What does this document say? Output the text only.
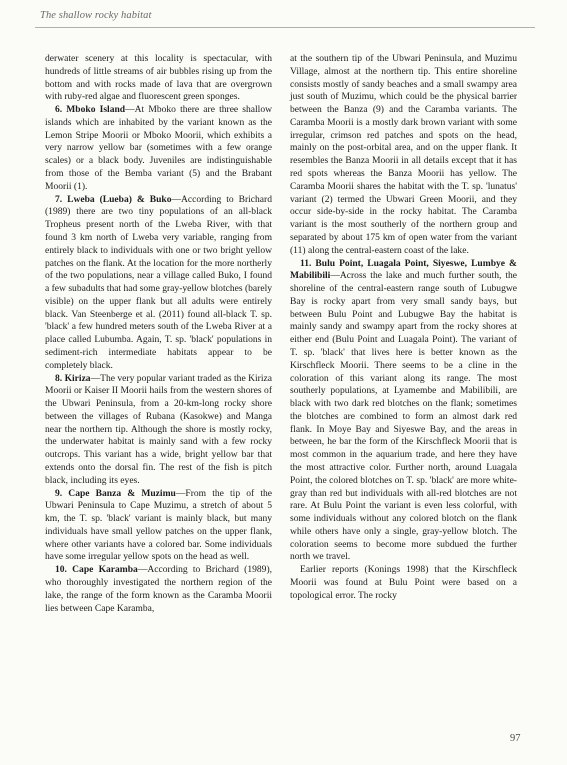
The shallow rocky habitat

derwater scenery at this locality is spectacular, with hundreds of little streams of air bubbles rising up from the bottom and with rocks made of lava that are overgrown with ruby-red algae and fluorescent green sponges.

6. Mboko Island—At Mboko there are three shallow islands which are inhabited by the variant known as the Lemon Stripe Moorii or Mboko Moorii, which exhibits a very narrow yellow bar (sometimes with a few orange scales) or a black body. Juveniles are indistinguishable from those of the Bemba variant (5) and the Brabant Moorii (1).

7. Lweba (Lueba) & Buko—According to Brichard (1989) there are two tiny populations of an all-black Tropheus present north of the Lweba River, with that found 3 km north of Lweba very variable, ranging from entirely black to individuals with one or two bright yellow patches on the flank. At the location for the more northerly of the two populations, near a village called Buko, I found a few subadults that had some gray-yellow blotches (barely visible) on the upper flank but all adults were entirely black. Van Steenberge et al. (2011) found all-black T. sp. 'black' a few hundred meters south of the Lweba River at a place called Lubumba. Again, T. sp. 'black' populations in sediment-rich intermediate habitats appear to be completely black.

8. Kiriza—The very popular variant traded as the Kiriza Moorii or Kaiser II Moorii hails from the western shores of the Ubwari Peninsula, from a 20-km-long rocky shore between the villages of Rubana (Kasokwe) and Manga near the northern tip. Although the shore is mostly rocky, the underwater habitat is mainly sand with a few rocky outcrops. This variant has a wide, bright yellow bar that extends onto the dorsal fin. The rest of the fish is pitch black, including its eyes.

9. Cape Banza & Muzimu—From the tip of the Ubwari Peninsula to Cape Muzimu, a stretch of about 5 km, the T. sp. 'black' variant is mainly black, but many individuals have small yellow patches on the upper flank, where other variants have a colored bar. Some individuals have some irregular yellow spots on the head as well.

10. Cape Karamba—According to Brichard (1989), who thoroughly investigated the northern region of the lake, the range of the form known as the Caramba Moorii lies between Cape Karamba,

at the southern tip of the Ubwari Peninsula, and Muzimu Village, almost at the northern tip. This entire shoreline consists mostly of sandy beaches and a small swampy area just south of Muzimu, which could be the physical barrier between the Banza (9) and the Caramba variants. The Caramba Moorii is a mostly dark brown variant with some irregular, crimson red patches and spots on the head, mainly on the post-orbital area, and on the upper flank. It resembles the Banza Moorii in all details except that it has red spots whereas the Banza Moorii has yellow. The Caramba Moorii shares the habitat with the T. sp. 'lunatus' variant (2) termed the Ubwari Green Moorii, and they occur side-by-side in the rocky habitat. The Caramba variant is the most southerly of the northern group and separated by about 175 km of open water from the variant (11) along the central-eastern coast of the lake.

11. Bulu Point, Luagala Point, Siyeswe, Lumbye & Mabilibili—Across the lake and much further south, the shoreline of the central-eastern range south of Lubugwe Bay is rocky apart from very small sandy bays, but between Bulu Point and Lubugwe Bay the habitat is mainly sandy and swampy apart from the rocky shores at either end (Bulu Point and Luagala Point). The variant of T. sp. 'black' that lives here is better known as the Kirschfleck Moorii. There seems to be a cline in the coloration of this variant along its range. The most southerly populations, at Lyamembe and Mabilibili, are black with two dark red blotches on the flank; sometimes the blotches are combined to form an almost dark red flank. In Moye Bay and Siyeswe Bay, and the areas in between, he bar the form of the Kirschfleck Moorii that is most common in the aquarium trade, and here they have the most attractive color. Further north, around Luagala Point, the colored blotches on T. sp. 'black' are more white-gray than red but individuals with all-red blotches are not rare. At Bulu Point the variant is even less colorful, with some individuals without any colored blotch on the flank while others have only a single, gray-yellow blotch. The coloration seems to become more subdued the further north we travel.

Earlier reports (Konings 1998) that the Kirschfleck Moorii was found at Bulu Point were based on a topological error. The rocky

97
